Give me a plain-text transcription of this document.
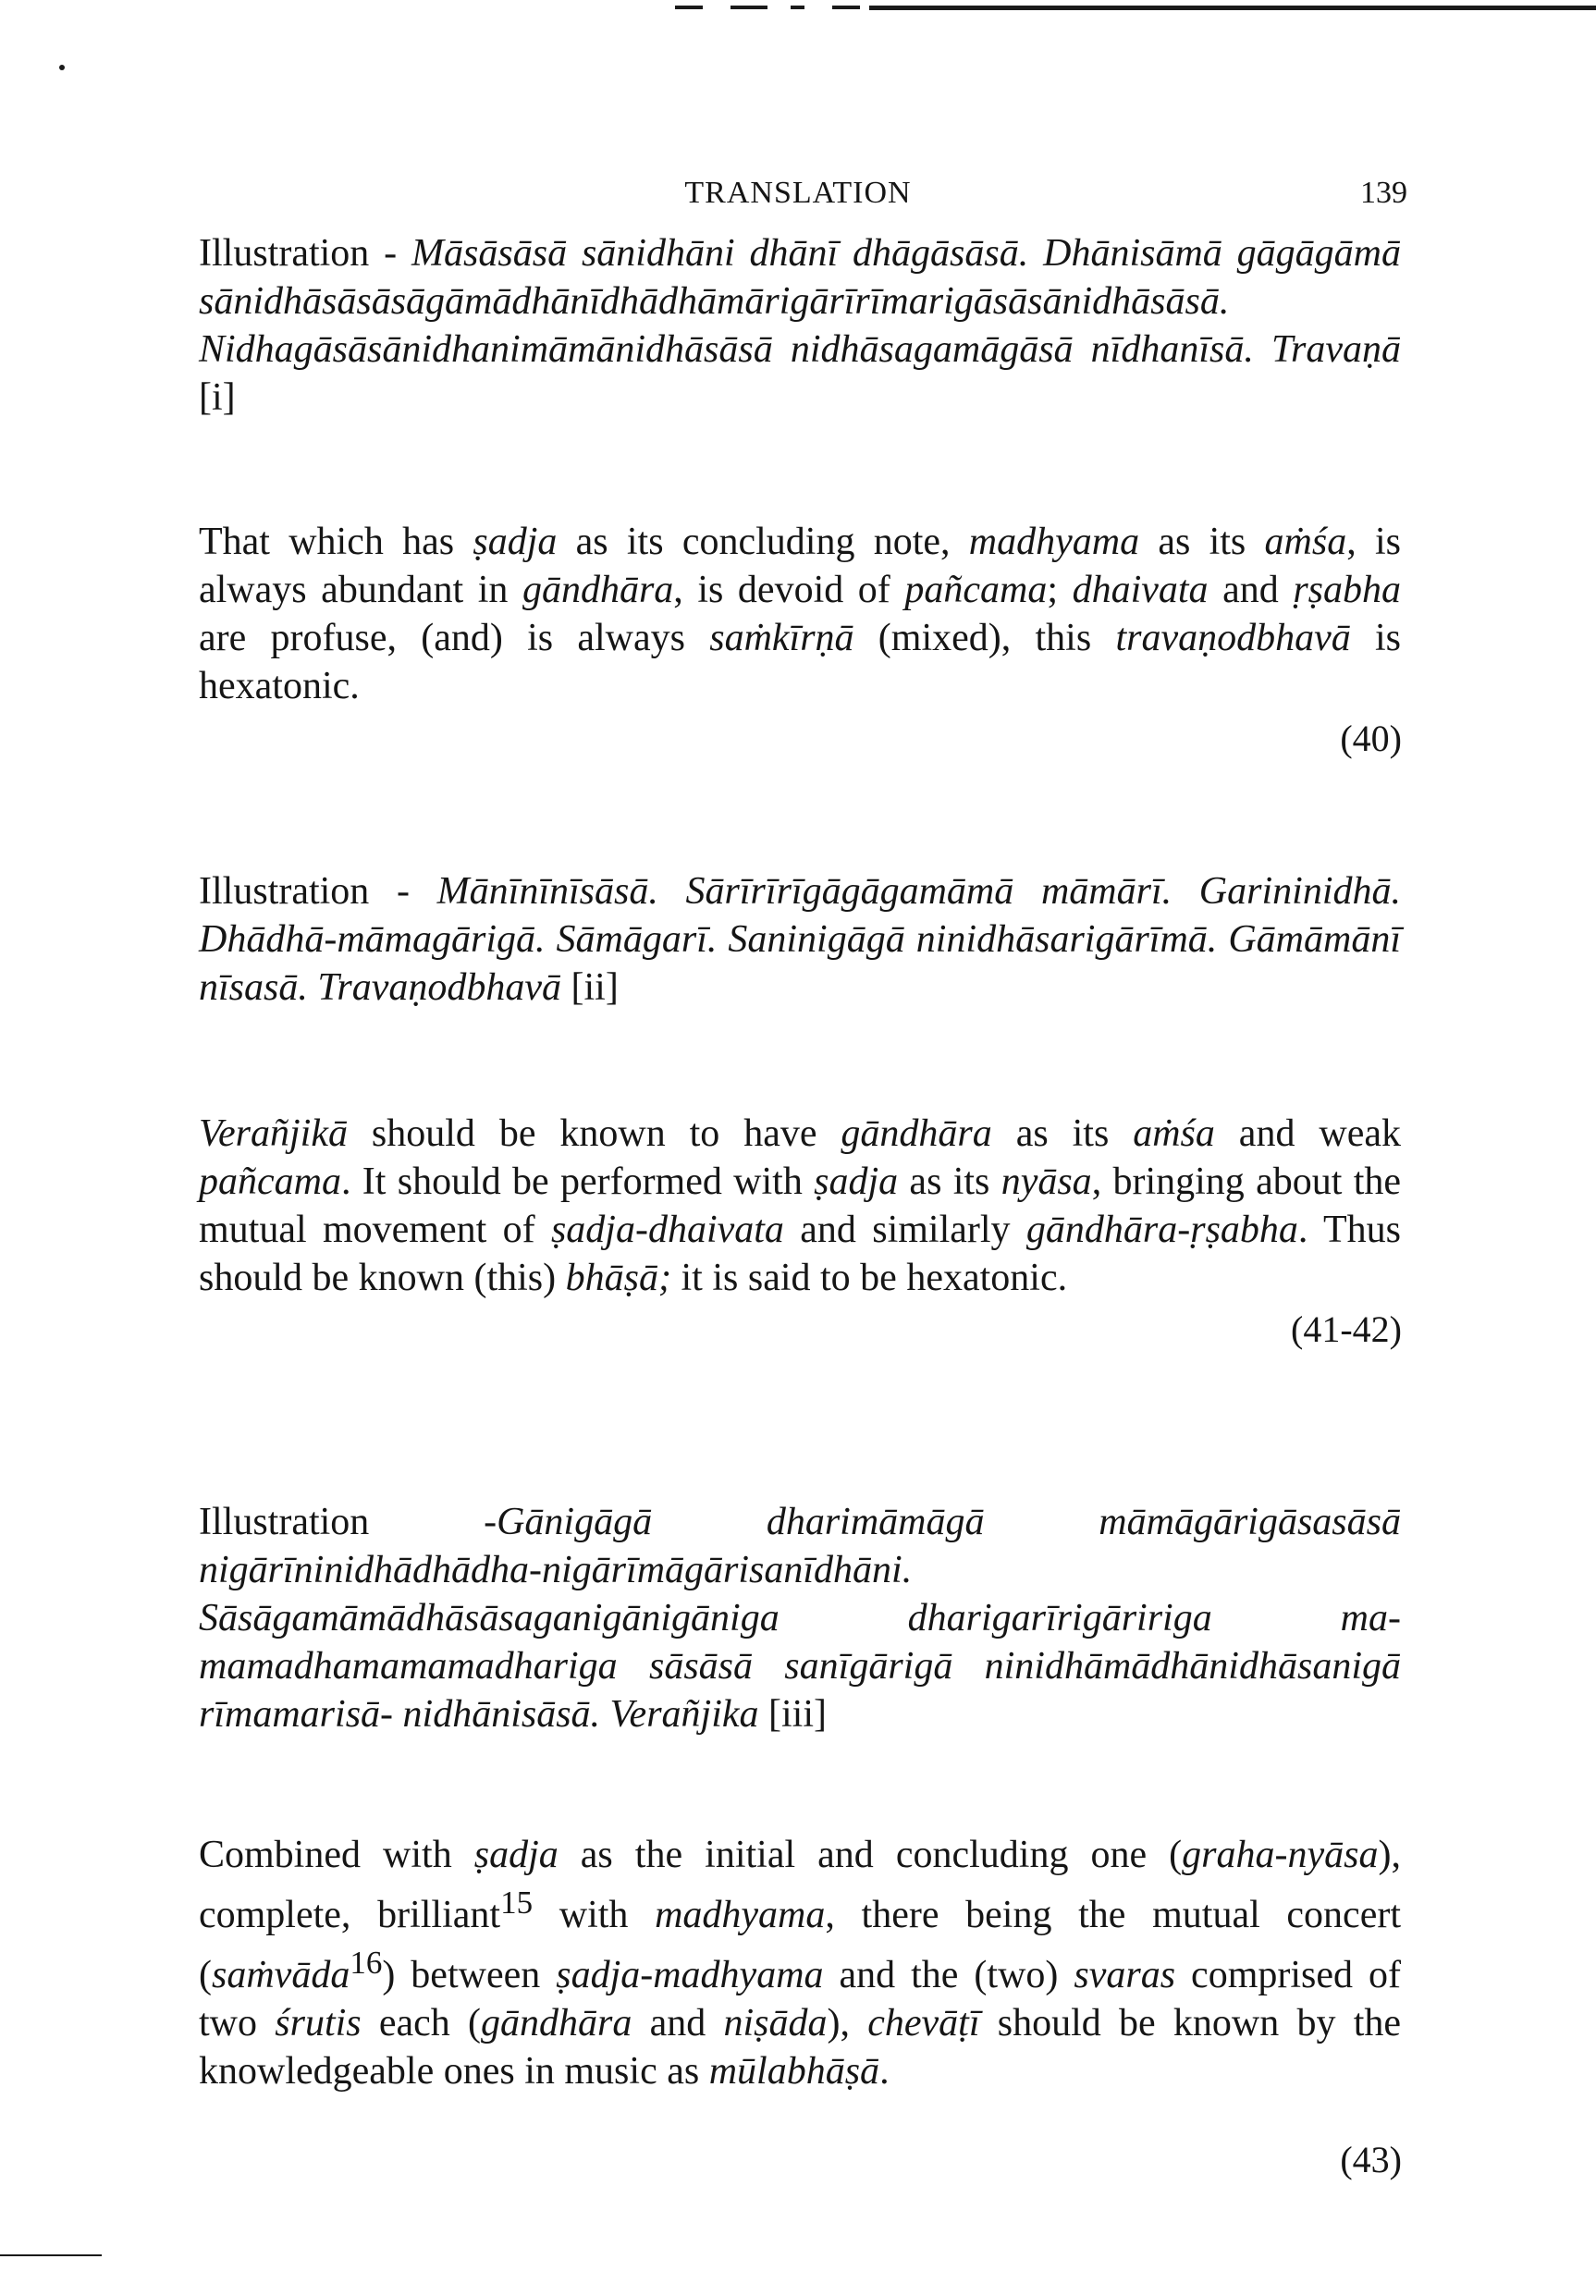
TRANSLATION	139

Illustration - Māsāsāsā sānidhāni dhānī dhāgāsāsā. Dhānisāmā gāgāgāmā sānidhāsāsāsāgāmādhānīdhādhāmārigārīrīmarigāsāsānidhāsāsā. Nidhagāsāsānidhanimāmānidhāsāsā nidhāsagamāgāsā nīdhanīsā. Travaṇā [i]

That which has ṣadja as its concluding note, madhyama as its aṁśa, is always abundant in gāndhāra, is devoid of pañcama; dhaivata and ṛṣabha are profuse, (and) is always saṁkīrṇā (mixed), this travaṇodbhavā is hexatonic.

(40)

Illustration - Mānīnīnīsāsā. Sārīrīrīgāgāgamāmā māmārī. Garininidhā. Dhādhā-māmagārigā. Sāmāgarī. Saninigāgā ninidhāsarigārīmā. Gāmāmānī nīsasā. Travaṇodbhavā [ii]

Verañjikā should be known to have gāndhāra as its aṁśa and weak pañcama. It should be performed with ṣadja as its nyāsa, bringing about the mutual movement of ṣadja-dhaivata and similarly gāndhāra-ṛṣabha. Thus should be known (this) bhāṣā; it is said to be hexatonic.

(41-42)

Illustration -Gānigāgā dharimāmāgā māmāgārigāsasāsā nigārīninidhādhādha-nigārīmāgārisanīdhāni. Sāsāgamāmādhāsāsaganigānigāniga dharigarīrigāririga ma-mamadhamamamadhariga sāsāsā sanīgārigā ninidhāmādhānidhāsanigā rīmamarisā- nidhānisāsā. Verañjika [iii]

Combined with ṣadja as the initial and concluding one (graha-nyāsa), complete, brilliant$^{15}$ with madhyama, there being the mutual concert (saṁvāda$^{16}$) between ṣadja-madhyama and the (two) svaras comprised of two śrutis each (gāndhāra and niṣāda), chevāṭī should be known by the knowledgeable ones in music as mūlabhāṣā.

(43)
